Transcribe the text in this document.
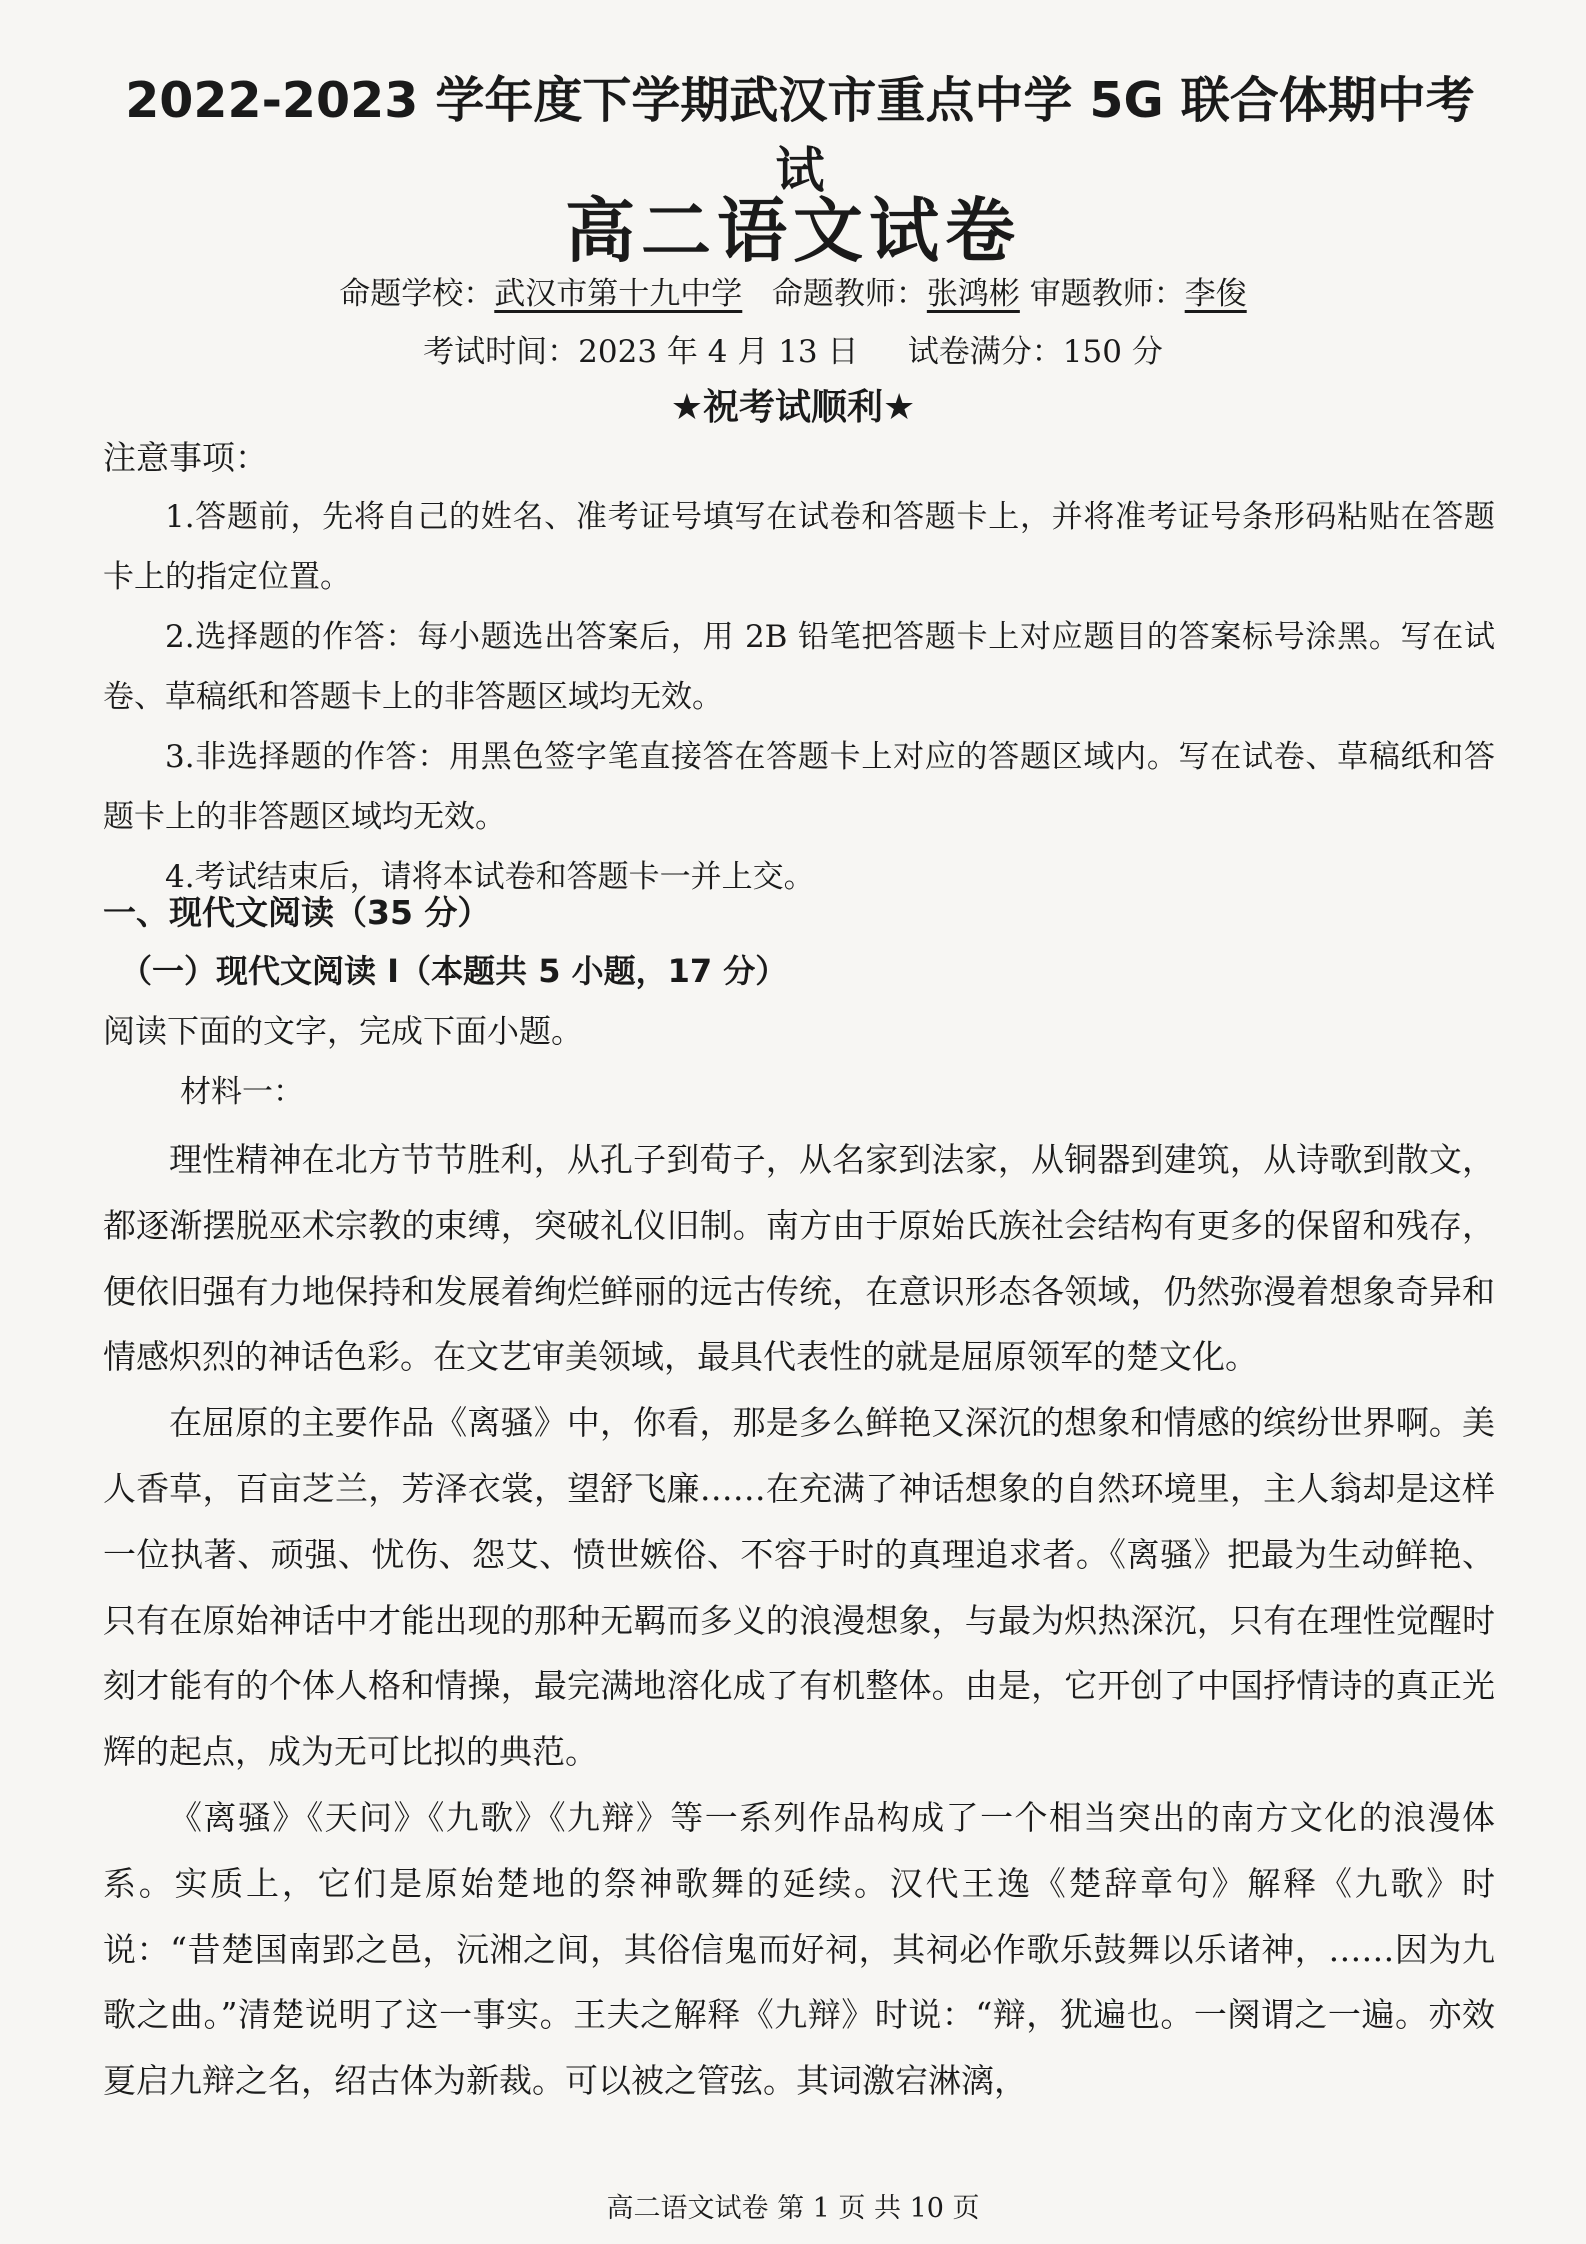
2022-2023 学年度下学期武汉市重点中学 5G 联合体期中考试
高二语文试卷
命题学校：武汉市第十九中学 命题教师：张鸿彬 审题教师：李俊
考试时间：2023 年 4 月 13 日 试卷满分：150 分
★祝考试顺利★
注意事项：

1.答题前，先将自己的姓名、准考证号填写在试卷和答题卡上，并将准考证号条形码粘贴在答题卡上的指定位置。

2.选择题的作答：每小题选出答案后，用 2B 铅笔把答题卡上对应题目的答案标号涂黑。写在试卷、草稿纸和答题卡上的非答题区域均无效。

3.非选择题的作答：用黑色签字笔直接答在答题卡上对应的答题区域内。写在试卷、草稿纸和答题卡上的非答题区域均无效。

4.考试结束后，请将本试卷和答题卡一并上交。

一、现代文阅读（35 分）
（一）现代文阅读 I（本题共 5 小题，17 分）
阅读下面的文字，完成下面小题。
材料一：

理性精神在北方节节胜利，从孔子到荀子，从名家到法家，从铜器到建筑，从诗歌到散文，都逐渐摆脱巫术宗教的束缚，突破礼仪旧制。南方由于原始氏族社会结构有更多的保留和残存，便依旧强有力地保持和发展着绚烂鲜丽的远古传统，在意识形态各领域，仍然弥漫着想象奇异和情感炽烈的神话色彩。在文艺审美领域，最具代表性的就是屈原领军的楚文化。

在屈原的主要作品《离骚》中，你看，那是多么鲜艳又深沉的想象和情感的缤纷世界啊。美人香草，百亩芝兰，芳泽衣裳，望舒飞廉……在充满了神话想象的自然环境里，主人翁却是这样一位执著、顽强、忧伤、怨艾、愤世嫉俗、不容于时的真理追求者。《离骚》把最为生动鲜艳、只有在原始神话中才能出现的那种无羁而多义的浪漫想象，与最为炽热深沉，只有在理性觉醒时刻才能有的个体人格和情操，最完满地溶化成了有机整体。由是，它开创了中国抒情诗的真正光辉的起点，成为无可比拟的典范。

《离骚》《天问》《九歌》《九辩》等一系列作品构成了一个相当突出的南方文化的浪漫体系。实质上，它们是原始楚地的祭神歌舞的延续。汉代王逸《楚辞章句》解释《九歌》时说：“昔楚国南郢之邑，沅湘之间，其俗信鬼而好祠，其祠必作歌乐鼓舞以乐诸神，……因为九歌之曲。”清楚说明了这一事实。王夫之解释《九辩》时说：“辩，犹遍也。一阕谓之一遍。亦效夏启九辩之名，绍古体为新裁。可以被之管弦。其词激宕淋漓，

高二语文试卷 第 1 页 共 10 页
